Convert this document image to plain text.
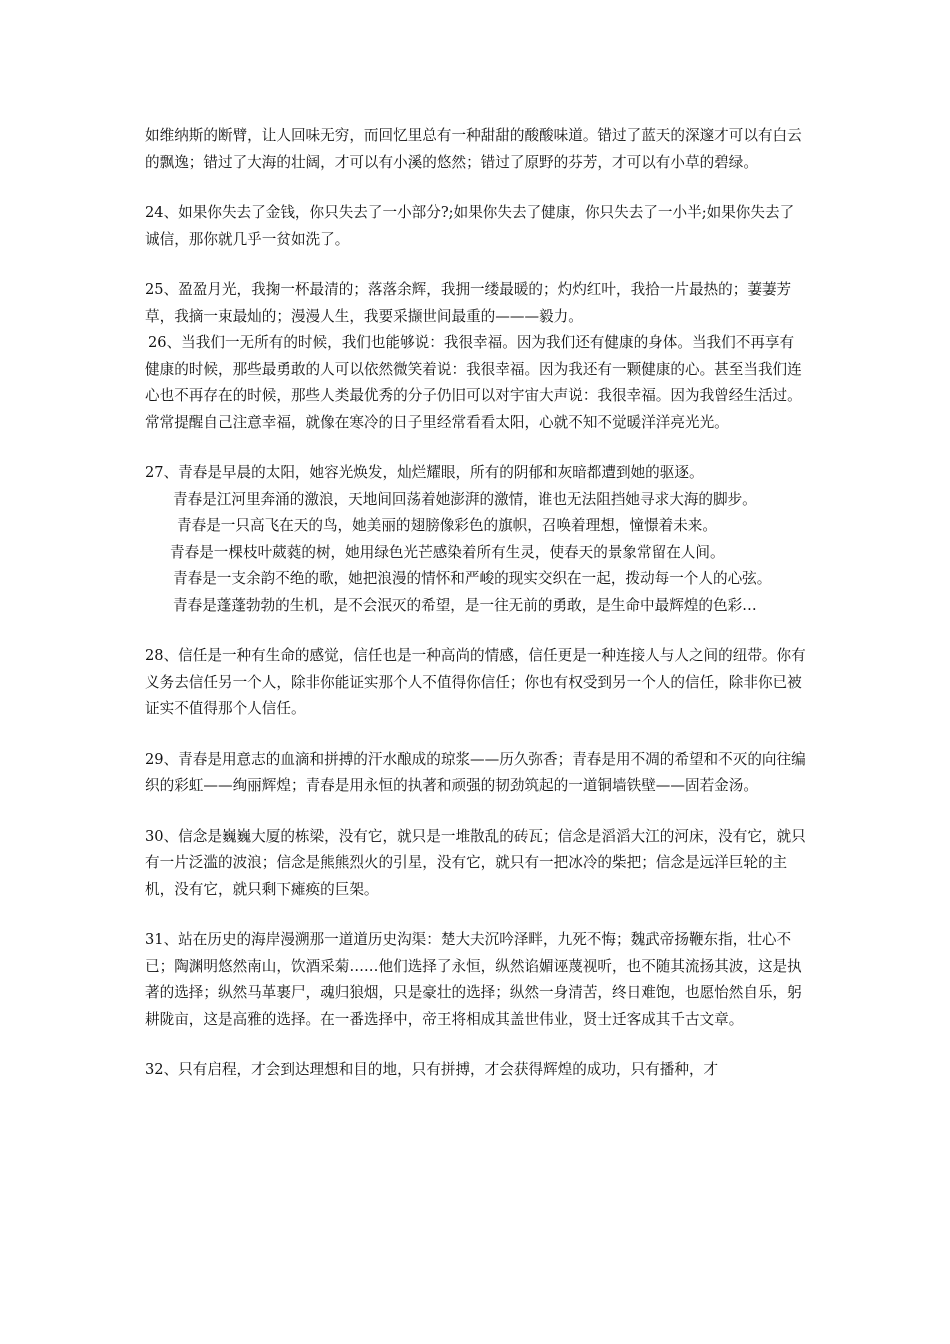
如维纳斯的断臂，让人回味无穷，而回忆里总有一种甜甜的酸酸味道。错过了蓝天的深邃才可以有白云的飘逸；错过了大海的壮阔，才可以有小溪的悠然；错过了原野的芬芳，才可以有小草的碧绿。

24、如果你失去了金钱，你只失去了一小部分?;如果你失去了健康，你只失去了一小半;如果你失去了诚信，那你就几乎一贫如洗了。

25、盈盈月光，我掬一杯最清的；落落余辉，我拥一缕最暖的；灼灼红叶，我拾一片最热的；萋萋芳草，我摘一束最灿的；漫漫人生，我要采撷世间最重的———毅力。

26、当我们一无所有的时候，我们也能够说：我很幸福。因为我们还有健康的身体。当我们不再享有健康的时候，那些最勇敢的人可以依然微笑着说：我很幸福。因为我还有一颗健康的心。甚至当我们连心也不再存在的时候，那些人类最优秀的分子仍旧可以对宇宙大声说：我很幸福。因为我曾经生活过。常常提醒自己注意幸福，就像在寒冷的日子里经常看看太阳，心就不知不觉暖洋洋亮光光。

27、青春是早晨的太阳，她容光焕发，灿烂耀眼，所有的阴郁和灰暗都遭到她的驱逐。

青春是江河里奔涌的激浪，天地间回荡着她澎湃的激情，谁也无法阻挡她寻求大海的脚步。

青春是一只高飞在天的鸟，她美丽的翅膀像彩色的旗帜，召唤着理想，憧憬着未来。

青春是一棵枝叶葳蕤的树，她用绿色光芒感染着所有生灵，使春天的景象常留在人间。

青春是一支余韵不绝的歌，她把浪漫的情怀和严峻的现实交织在一起，拨动每一个人的心弦。

青春是蓬蓬勃勃的生机，是不会泯灭的希望，是一往无前的勇敢，是生命中最辉煌的色彩…

28、信任是一种有生命的感觉，信任也是一种高尚的情感，信任更是一种连接人与人之间的纽带。你有义务去信任另一个人，除非你能证实那个人不值得你信任；你也有权受到另一个人的信任，除非你已被证实不值得那个人信任。

29、青春是用意志的血滴和拼搏的汗水酿成的琼浆——历久弥香；青春是用不凋的希望和不灭的向往编织的彩虹——绚丽辉煌；青春是用永恒的执著和顽强的韧劲筑起的一道铜墙铁壁——固若金汤。

30、信念是巍巍大厦的栋梁，没有它，就只是一堆散乱的砖瓦；信念是滔滔大江的河床，没有它，就只有一片泛滥的波浪；信念是熊熊烈火的引星，没有它，就只有一把冰冷的柴把；信念是远洋巨轮的主机，没有它，就只剩下瘫痪的巨架。

31、站在历史的海岸漫溯那一道道历史沟渠：楚大夫沉吟泽畔，九死不悔；魏武帝扬鞭东指，壮心不已；陶渊明悠然南山，饮酒采菊……他们选择了永恒，纵然谄媚诬蔑视听，也不随其流扬其波，这是执著的选择；纵然马革裹尸，魂归狼烟，只是豪壮的选择；纵然一身清苦，终日难饱，也愿怡然自乐，躬耕陇亩，这是高雅的选择。在一番选择中，帝王将相成其盖世伟业，贤士迁客成其千古文章。

32、只有启程，才会到达理想和目的地，只有拼搏，才会获得辉煌的成功，只有播种，才
